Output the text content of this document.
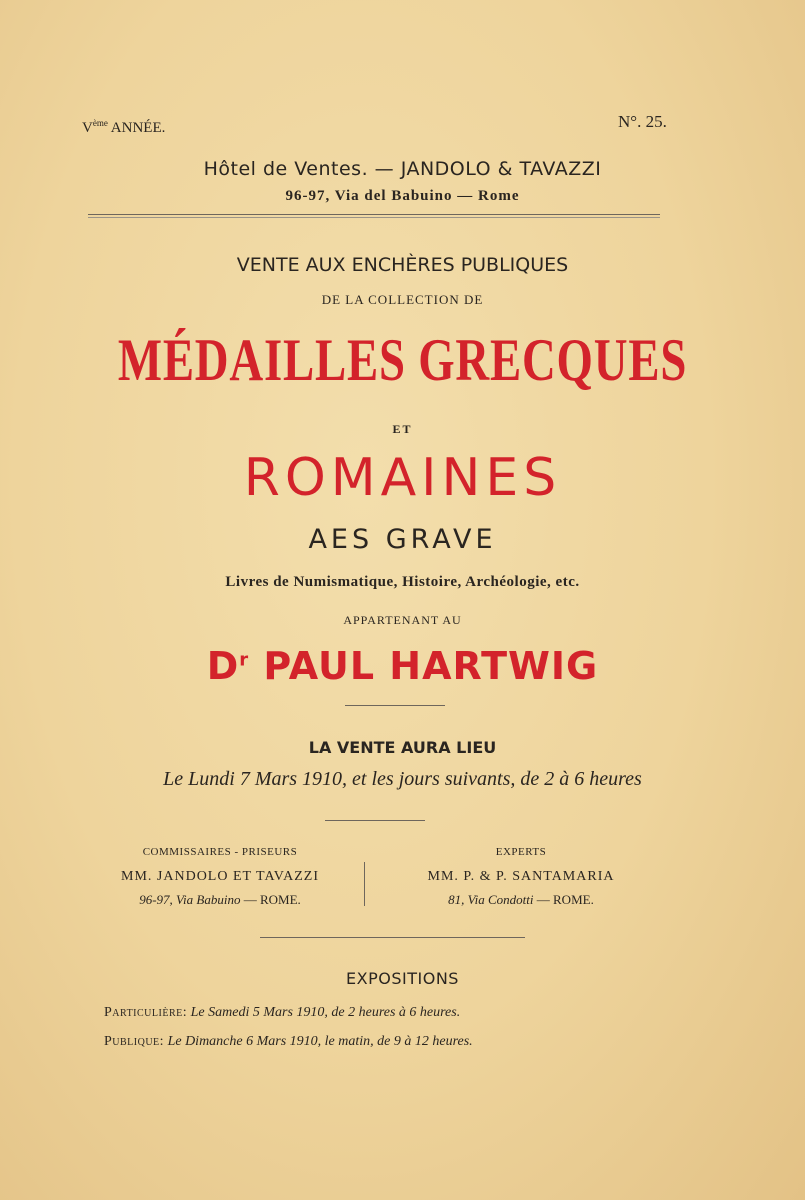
Vème ANNÉE.	N°. 25.
Hôtel de Ventes. — JANDOLO & TAVAZZI
96-97, Via del Babuino — Rome
VENTE AUX ENCHÈRES PUBLIQUES
DE LA COLLECTION DE
MÉDAILLES GRECQUES
ET
ROMAINES
AES GRAVE
Livres de Numismatique, Histoire, Archéologie, etc.
APPARTENANT AU
$D^r$ PAUL HARTWIG
LA VENTE AURA LIEU
Le Lundi 7 Mars 1910, et les jours suivants, de 2 à 6 heures
COMMISSAIRES - PRISEURS
MM. JANDOLO ET TAVAZZI
96-97, Via Babuino — ROME.
EXPERTS
MM. P. & P. SANTAMARIA
81, Via Condotti — ROME.
EXPOSITIONS
Particulière: Le Samedi 5 Mars 1910, de 2 heures à 6 heures.
Publique: Le Dimanche 6 Mars 1910, le matin, de 9 à 12 heures.
